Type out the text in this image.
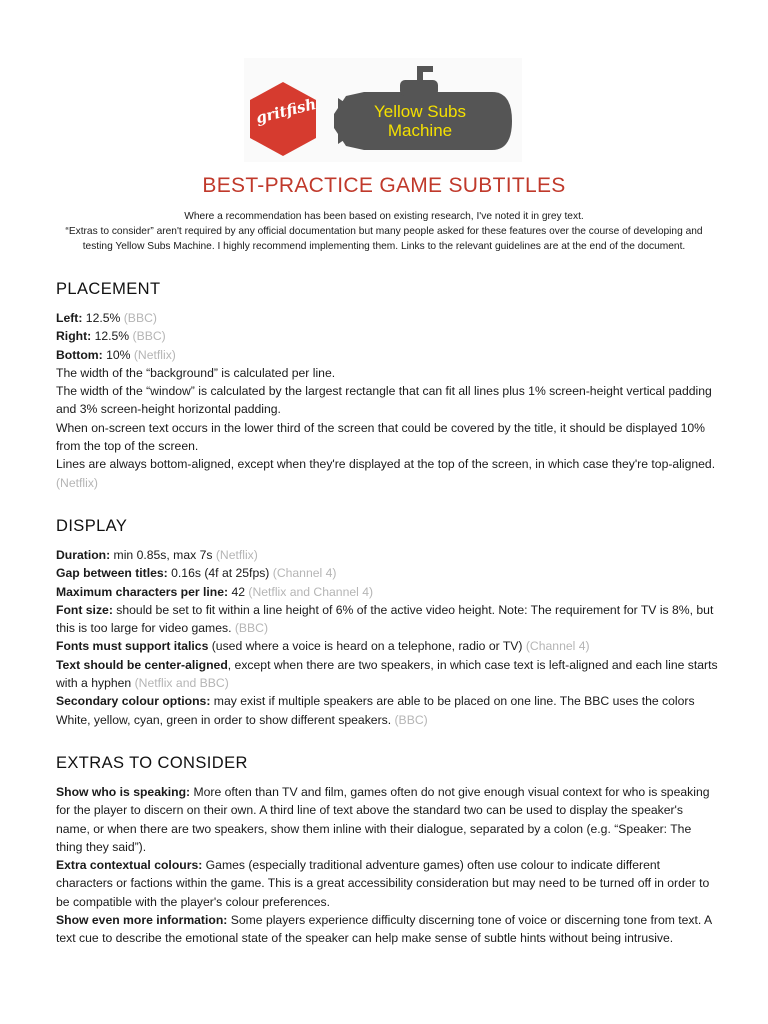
gritfish	Yellow Subs
Machine
BEST-PRACTICE GAME SUBTITLES
Where a recommendation has been based on existing research, I've noted it in grey text.
“Extras to consider” aren't required by any official documentation but many people asked for these features over the course of developing and testing Yellow Subs Machine. I highly recommend implementing them. Links to the relevant guidelines are at the end of the document.
PLACEMENT

Left: 12.5% (BBC)

Right: 12.5% (BBC)

Bottom: 10% (Netflix)

The width of the “background” is calculated per line.

The width of the “window” is calculated by the largest rectangle that can fit all lines plus 1% screen-height vertical padding and 3% screen-height horizontal padding.

When on-screen text occurs in the lower third of the screen that could be covered by the title, it should be displayed 10% from the top of the screen.

Lines are always bottom-aligned, except when they're displayed at the top of the screen, in which case they're top-aligned. (Netflix)

DISPLAY

Duration: min 0.85s, max 7s (Netflix)

Gap between titles: 0.16s (4f at 25fps) (Channel 4)

Maximum characters per line: 42 (Netflix and Channel 4)

Font size: should be set to fit within a line height of 6% of the active video height. Note: The requirement for TV is 8%, but this is too large for video games. (BBC)

Fonts must support italics (used where a voice is heard on a telephone, radio or TV) (Channel 4)

Text should be center-aligned, except when there are two speakers, in which case text is left-aligned and each line starts with a hyphen (Netflix and BBC)

Secondary colour options: may exist if multiple speakers are able to be placed on one line. The BBC uses the colors White, yellow, cyan, green in order to show different speakers. (BBC)

EXTRAS TO CONSIDER

Show who is speaking: More often than TV and film, games often do not give enough visual context for who is speaking for the player to discern on their own. A third line of text above the standard two can be used to display the speaker's name, or when there are two speakers, show them inline with their dialogue, separated by a colon (e.g. “Speaker: The thing they said”).

Extra contextual colours: Games (especially traditional adventure games) often use colour to indicate different characters or factions within the game. This is a great accessibility consideration but may need to be turned off in order to be compatible with the player's colour preferences.

Show even more information: Some players experience difficulty discerning tone of voice or discerning tone from text. A text cue to describe the emotional state of the speaker can help make sense of subtle hints without being intrusive.
